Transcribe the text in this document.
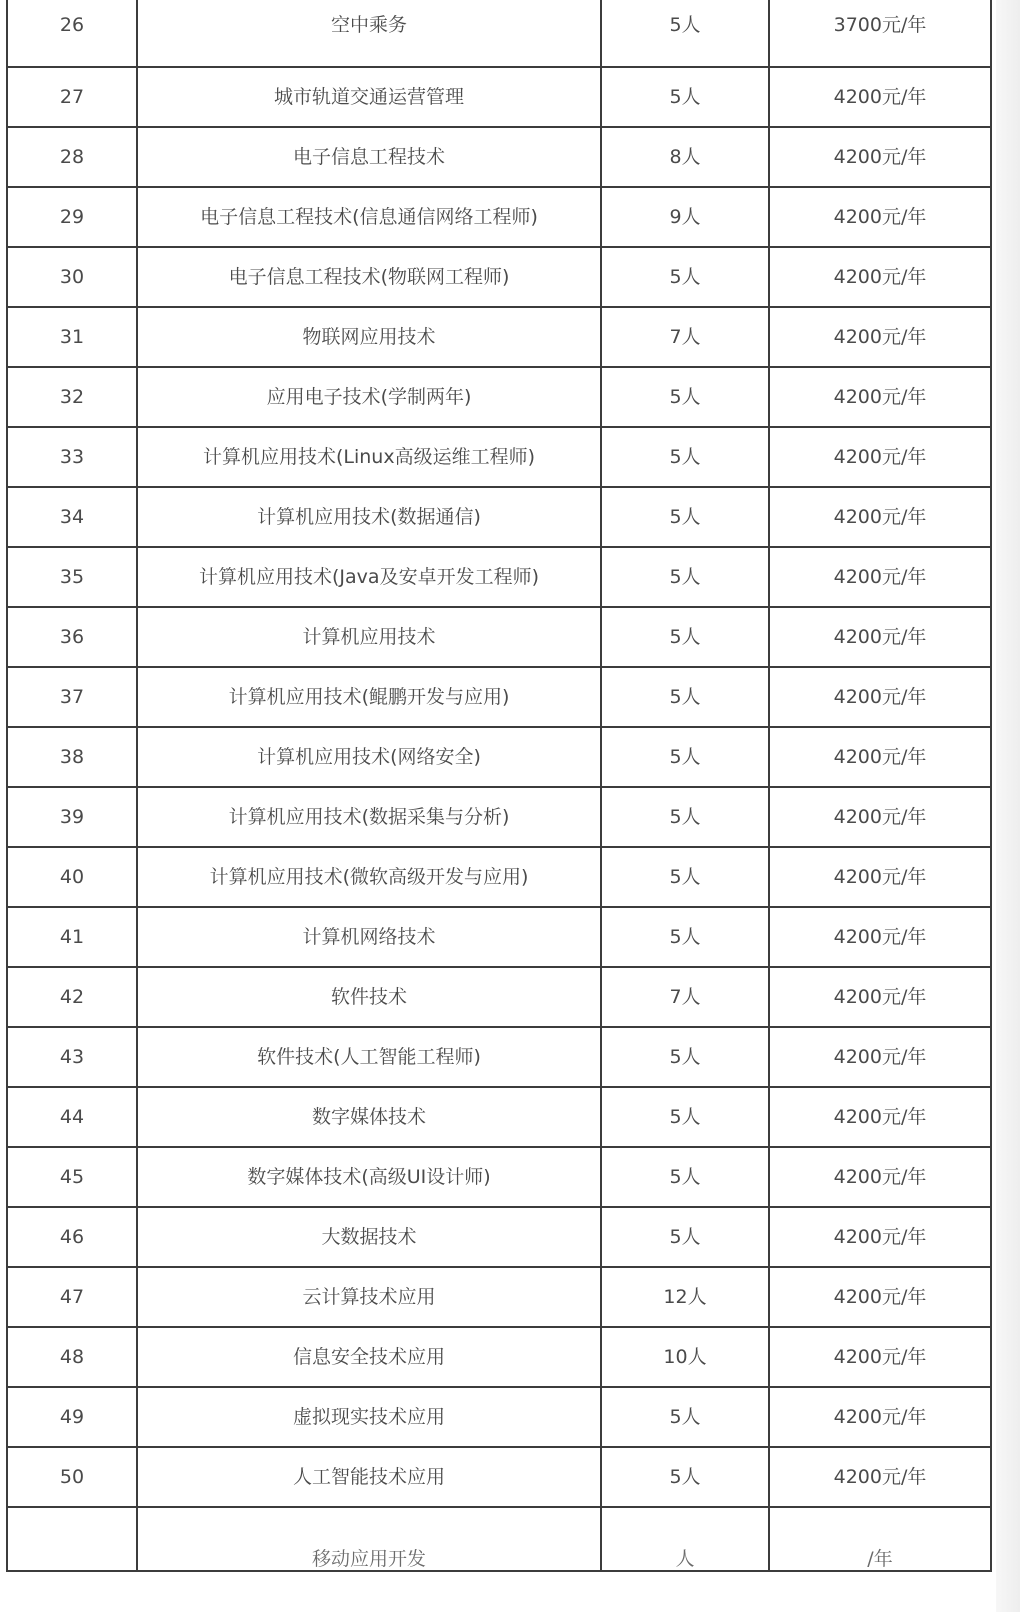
26	空中乘务	5人	3700元/年

27	城市轨道交通运营管理	5人	4200元/年

28	电子信息工程技术	8人	4200元/年

29	电子信息工程技术(信息通信网络工程师)	9人	4200元/年

30	电子信息工程技术(物联网工程师)	5人	4200元/年

31	物联网应用技术	7人	4200元/年

32	应用电子技术(学制两年)	5人	4200元/年

33	计算机应用技术(Linux高级运维工程师)	5人	4200元/年

34	计算机应用技术(数据通信)	5人	4200元/年

35	计算机应用技术(Java及安卓开发工程师)	5人	4200元/年

36	计算机应用技术	5人	4200元/年

37	计算机应用技术(鲲鹏开发与应用)	5人	4200元/年

38	计算机应用技术(网络安全)	5人	4200元/年

39	计算机应用技术(数据采集与分析)	5人	4200元/年

40	计算机应用技术(微软高级开发与应用)	5人	4200元/年

41	计算机网络技术	5人	4200元/年

42	软件技术	7人	4200元/年

43	软件技术(人工智能工程师)	5人	4200元/年

44	数字媒体技术	5人	4200元/年

45	数字媒体技术(高级UI设计师)	5人	4200元/年

46	大数据技术	5人	4200元/年

47	云计算技术应用	12人	4200元/年

48	信息安全技术应用	10人	4200元/年

49	虚拟现实技术应用	5人	4200元/年

50	人工智能技术应用	5人	4200元/年

	移动应用开发	人	/年
